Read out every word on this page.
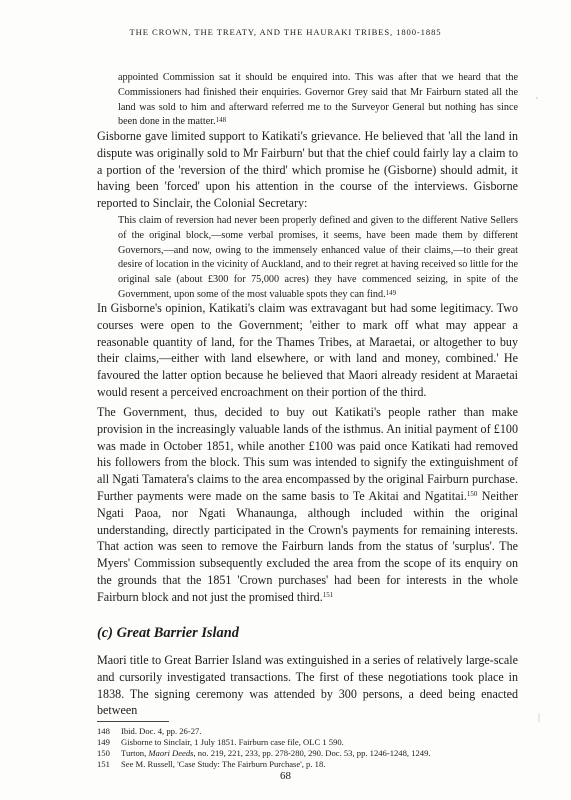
THE CROWN, THE TREATY, AND THE HAURAKI TRIBES, 1800-1885
appointed Commission sat it should be enquired into. This was after that we heard that the Commissioners had finished their enquiries. Governor Grey said that Mr Fairburn stated all the land was sold to him and afterward referred me to the Surveyor General but nothing has since been done in the matter.$^{148}$
Gisborne gave limited support to Katikati's grievance. He believed that 'all the land in dispute was originally sold to Mr Fairburn' but that the chief could fairly lay a claim to a portion of the 'reversion of the third' which promise he (Gisborne) should admit, it having been 'forced' upon his attention in the course of the interviews. Gisborne reported to Sinclair, the Colonial Secretary:
This claim of reversion had never been properly defined and given to the different Native Sellers of the original block,—some verbal promises, it seems, have been made them by different Governors,—and now, owing to the immensely enhanced value of their claims,—to their great desire of location in the vicinity of Auckland, and to their regret at having received so little for the original sale (about £300 for 75,000 acres) they have commenced seizing, in spite of the Government, upon some of the most valuable spots they can find.$^{149}$
In Gisborne's opinion, Katikati's claim was extravagant but had some legitimacy. Two courses were open to the Government; 'either to mark off what may appear a reasonable quantity of land, for the Thames Tribes, at Maraetai, or altogether to buy their claims,—either with land elsewhere, or with land and money, combined.' He favoured the latter option because he believed that Maori already resident at Maraetai would resent a perceived encroachment on their portion of the third.
The Government, thus, decided to buy out Katikati's people rather than make provision in the increasingly valuable lands of the isthmus. An initial payment of £100 was made in October 1851, while another £100 was paid once Katikati had removed his followers from the block. This sum was intended to signify the extinguishment of all Ngati Tamatera's claims to the area encompassed by the original Fairburn purchase. Further payments were made on the same basis to Te Akitai and Ngatitai.$^{150}$ Neither Ngati Paoa, nor Ngati Whanaunga, although included within the original understanding, directly participated in the Crown's payments for remaining interests. That action was seen to remove the Fairburn lands from the status of 'surplus'. The Myers' Commission subsequently excluded the area from the scope of its enquiry on the grounds that the 1851 'Crown purchases' had been for interests in the whole Fairburn block and not just the promised third.$^{151}$
(c) Great Barrier Island
Maori title to Great Barrier Island was extinguished in a series of relatively large-scale and cursorily investigated transactions. The first of these negotiations took place in 1838. The signing ceremony was attended by 300 persons, a deed being enacted between
148	Ibid. Doc. 4, pp. 26-27.
149	Gisborne to Sinclair, 1 July 1851. Fairburn case file, OLC 1 590.
150	Turton, Maori Deeds, no. 219, 221, 233, pp. 278-280, 290. Doc. 53, pp. 1246-1248, 1249.
151	See M. Russell, 'Case Study: The Fairburn Purchase', p. 18.
68
'
|
